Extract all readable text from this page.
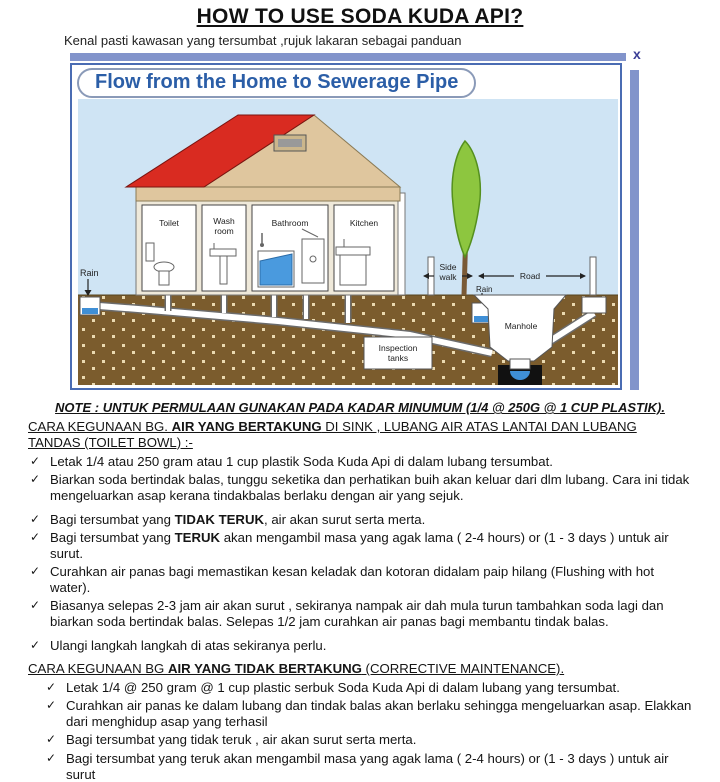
HOW TO USE SODA KUDA API?
Kenal pasti kawasan yang tersumbat ,rujuk lakaran sebagai panduan
x
Flow from the Home to Sewerage Pipe
Rain
Toilet	Wash
room
Bathroom	Kitchen
Side
walk	Road
Rain
Manhole
Inspection
tanks
NOTE : UNTUK PERMULAAN GUNAKAN PADA KADAR MINUMUM (1/4 @ 250G @ 1 CUP PLASTIK).
CARA KEGUNAAN BG. AIR YANG BERTAKUNG DI SINK , LUBANG AIR ATAS LANTAI DAN LUBANG TANDAS (TOILET BOWL) :-
✓ Letak 1/4 atau 250 gram atau 1 cup plastik Soda Kuda Api di dalam lubang tersumbat.
✓ Biarkan soda bertindak balas, tunggu seketika dan perhatikan buih akan keluar dari dlm lubang. Cara ini tidak mengeluarkan asap kerana tindakbalas berlaku dengan air yang sejuk.
✓ Bagi tersumbat yang TIDAK TERUK, air akan surut serta merta.
✓ Bagi tersumbat yang TERUK akan mengambil masa yang agak lama ( 2-4 hours) or (1 - 3 days ) untuk air surut.
✓ Curahkan air panas bagi memastikan kesan keladak dan kotoran didalam paip hilang (Flushing with hot water).
✓ Biasanya selepas 2-3 jam air akan surut , sekiranya nampak air dah mula turun tambahkan soda lagi dan biarkan soda bertindak balas. Selepas 1/2 jam curahkan air panas bagi membantu tindak balas.
✓ Ulangi langkah langkah di atas sekiranya perlu.
CARA KEGUNAAN BG AIR YANG TIDAK BERTAKUNG (CORRECTIVE MAINTENANCE).
✓ Letak 1/4 @ 250 gram @ 1 cup plastic serbuk Soda Kuda Api di dalam lubang yang tersumbat.
✓ Curahkan air panas ke dalam lubang dan tindak balas akan berlaku sehingga mengeluarkan asap. Elakkan dari menghidup asap yang terhasil
✓ Bagi tersumbat yang tidak teruk , air akan surut serta merta.
✓ Bagi tersumbat yang teruk akan mengambil masa yang agak lama ( 2-4 hours) or (1 - 3 days ) untuk air surut
